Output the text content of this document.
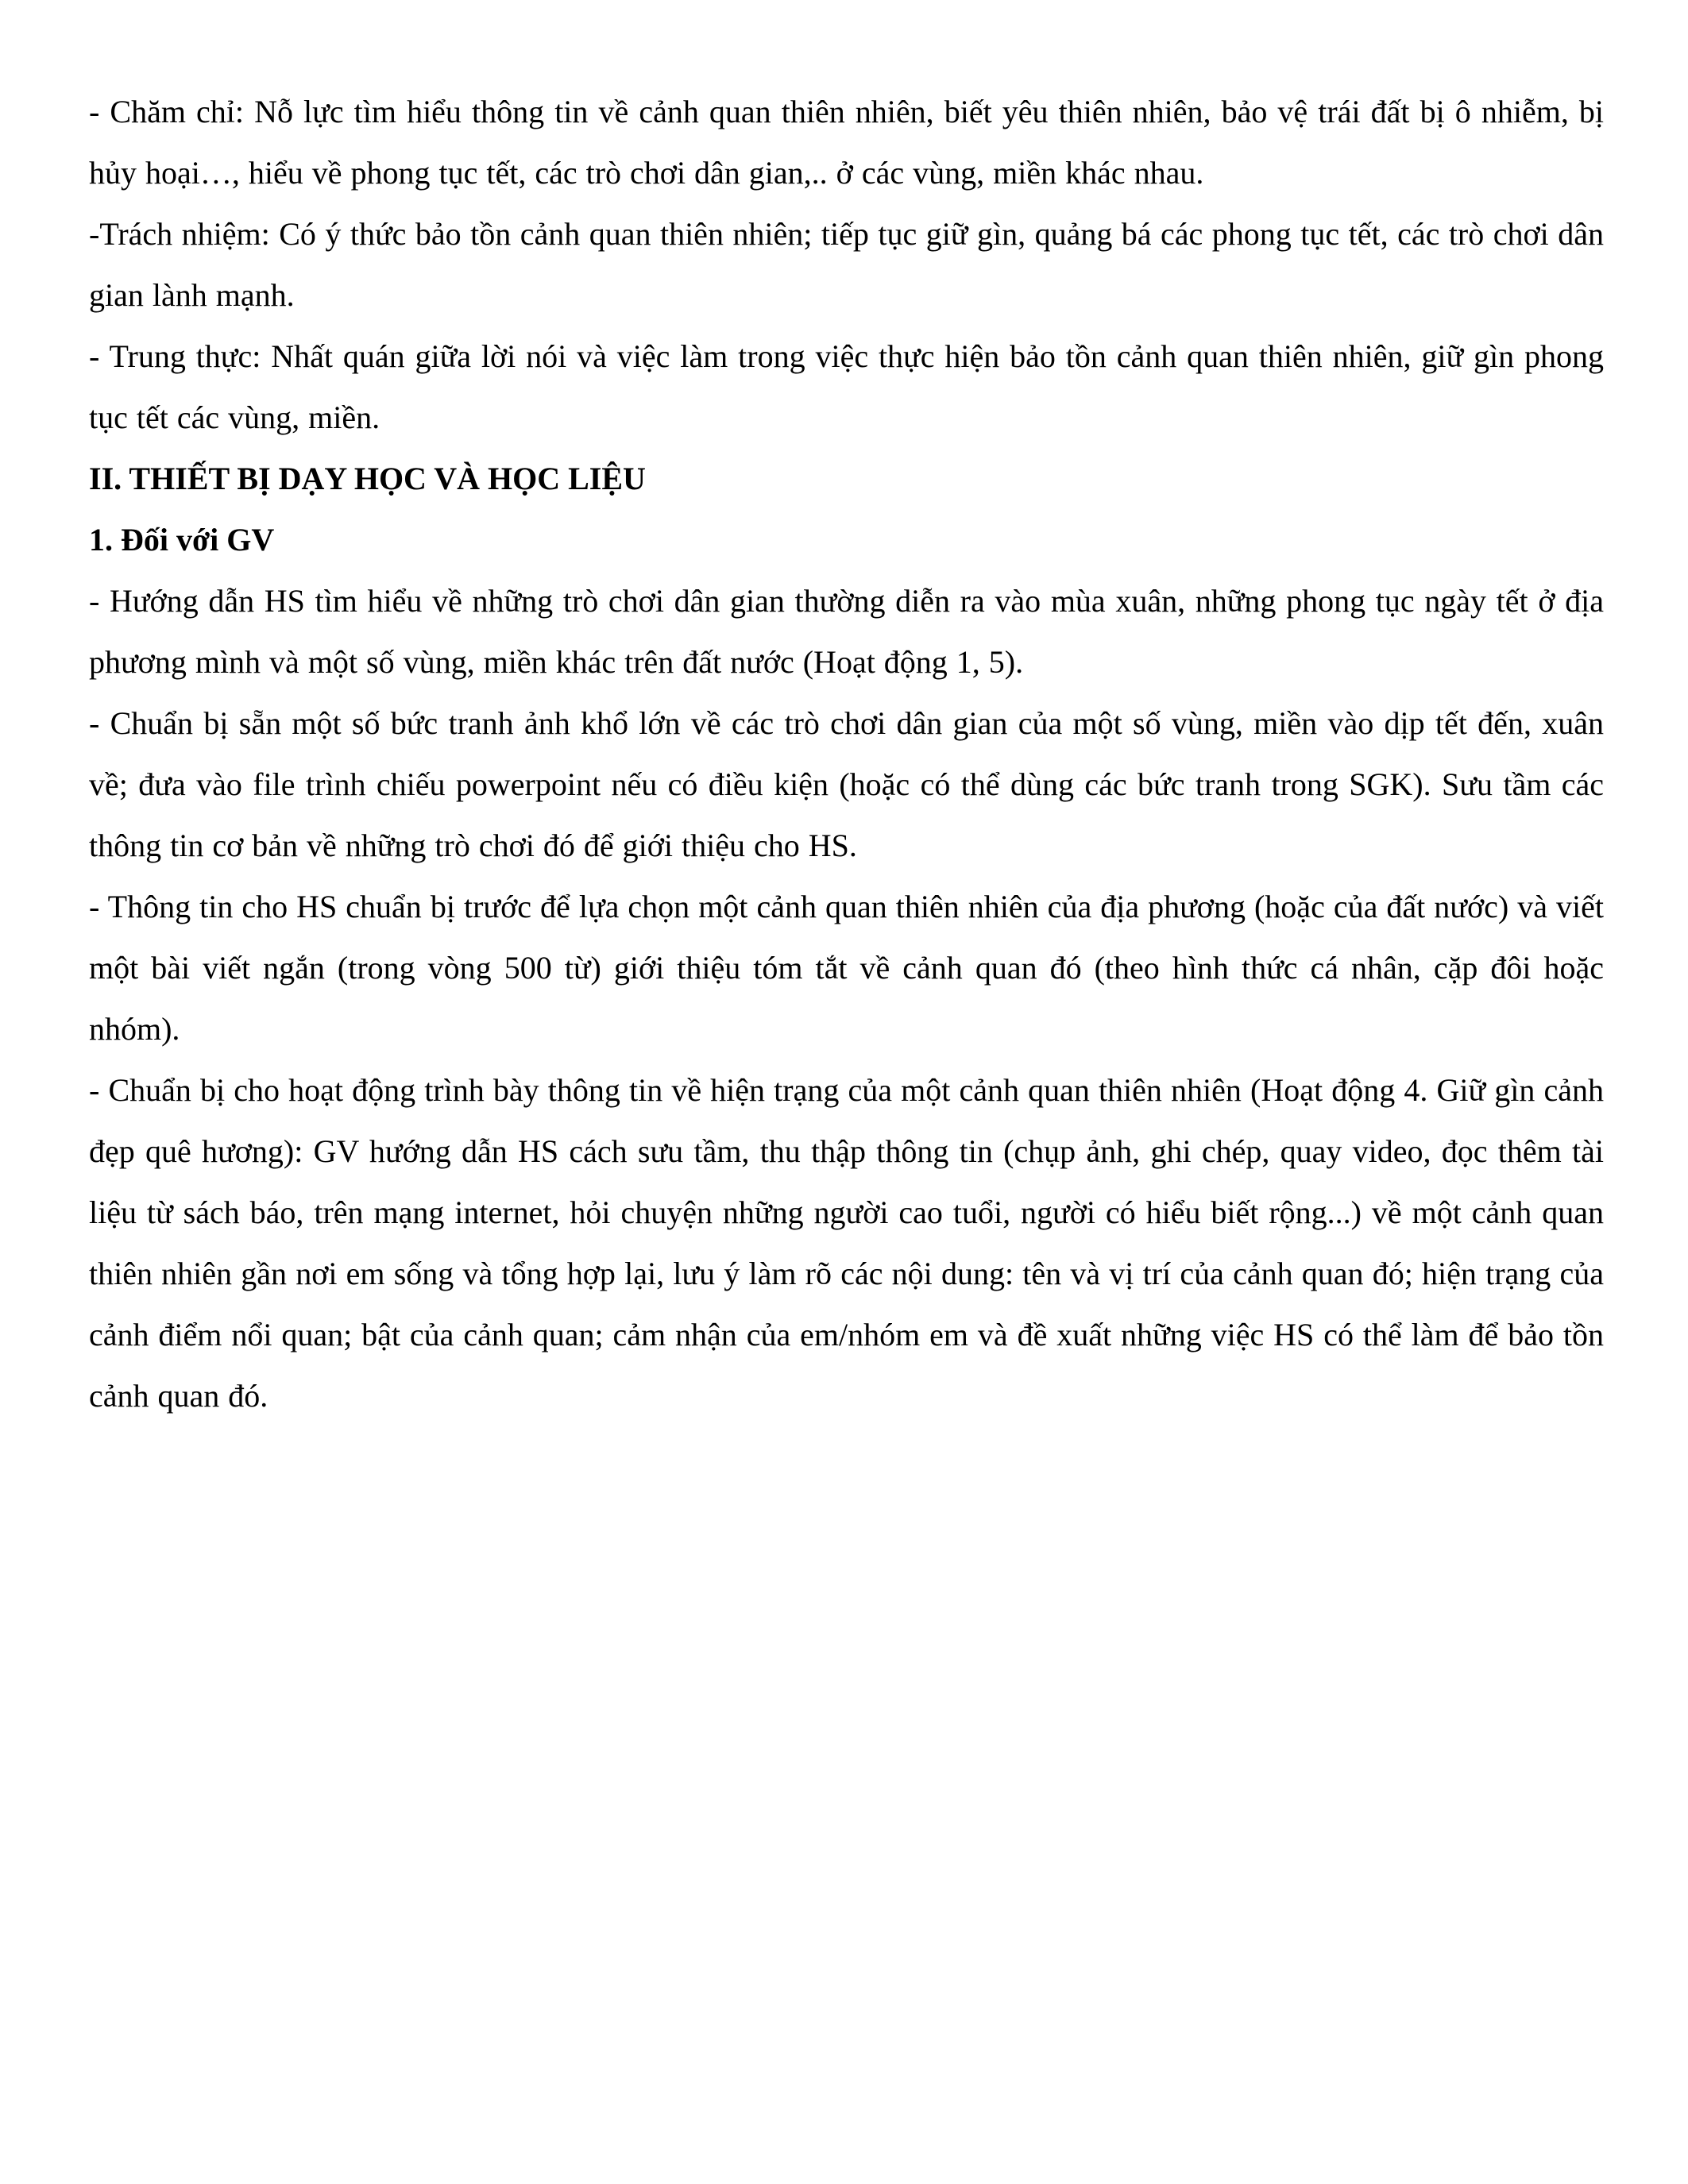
- Chăm chỉ: Nỗ lực tìm hiểu thông tin về cảnh quan thiên nhiên, biết yêu thiên nhiên, bảo vệ trái đất bị ô nhiễm, bị hủy hoại…, hiểu về phong tục tết, các trò chơi dân gian,.. ở các vùng, miền khác nhau.

-Trách nhiệm: Có ý thức bảo tồn cảnh quan thiên nhiên; tiếp tục giữ gìn, quảng bá các phong tục tết, các trò chơi dân gian lành mạnh.

- Trung thực: Nhất quán giữa lời nói và việc làm trong việc thực hiện bảo tồn cảnh quan thiên nhiên, giữ gìn phong tục tết các vùng, miền.

II. THIẾT BỊ DẠY HỌC VÀ HỌC LIỆU

1. Đối với GV

- Hướng dẫn HS tìm hiểu về những trò chơi dân gian thường diễn ra vào mùa xuân, những phong tục ngày tết ở địa phương mình và một số vùng, miền khác trên đất nước (Hoạt động 1, 5).

- Chuẩn bị sẵn một số bức tranh ảnh khổ lớn về các trò chơi dân gian của một số vùng, miền vào dịp tết đến, xuân về; đưa vào file trình chiếu powerpoint nếu có điều kiện (hoặc có thể dùng các bức tranh trong SGK). Sưu tầm các thông tin cơ bản về những trò chơi đó để giới thiệu cho HS.

- Thông tin cho HS chuẩn bị trước để lựa chọn một cảnh quan thiên nhiên của địa phương (hoặc của đất nước) và viết một bài viết ngắn (trong vòng 500 từ) giới thiệu tóm tắt về cảnh quan đó (theo hình thức cá nhân, cặp đôi hoặc nhóm).

- Chuẩn bị cho hoạt động trình bày thông tin về hiện trạng của một cảnh quan thiên nhiên (Hoạt động 4. Giữ gìn cảnh đẹp quê hương): GV hướng dẫn HS cách sưu tầm, thu thập thông tin (chụp ảnh, ghi chép, quay video, đọc thêm tài liệu từ sách báo, trên mạng internet, hỏi chuyện những người cao tuổi, người có hiểu biết rộng...) về một cảnh quan thiên nhiên gần nơi em sống và tổng hợp lại, lưu ý làm rõ các nội dung: tên và vị trí của cảnh quan đó; hiện trạng của cảnh điểm nổi quan; bật của cảnh quan; cảm nhận của em/nhóm em và đề xuất những việc HS có thể làm để bảo tồn cảnh quan đó.
